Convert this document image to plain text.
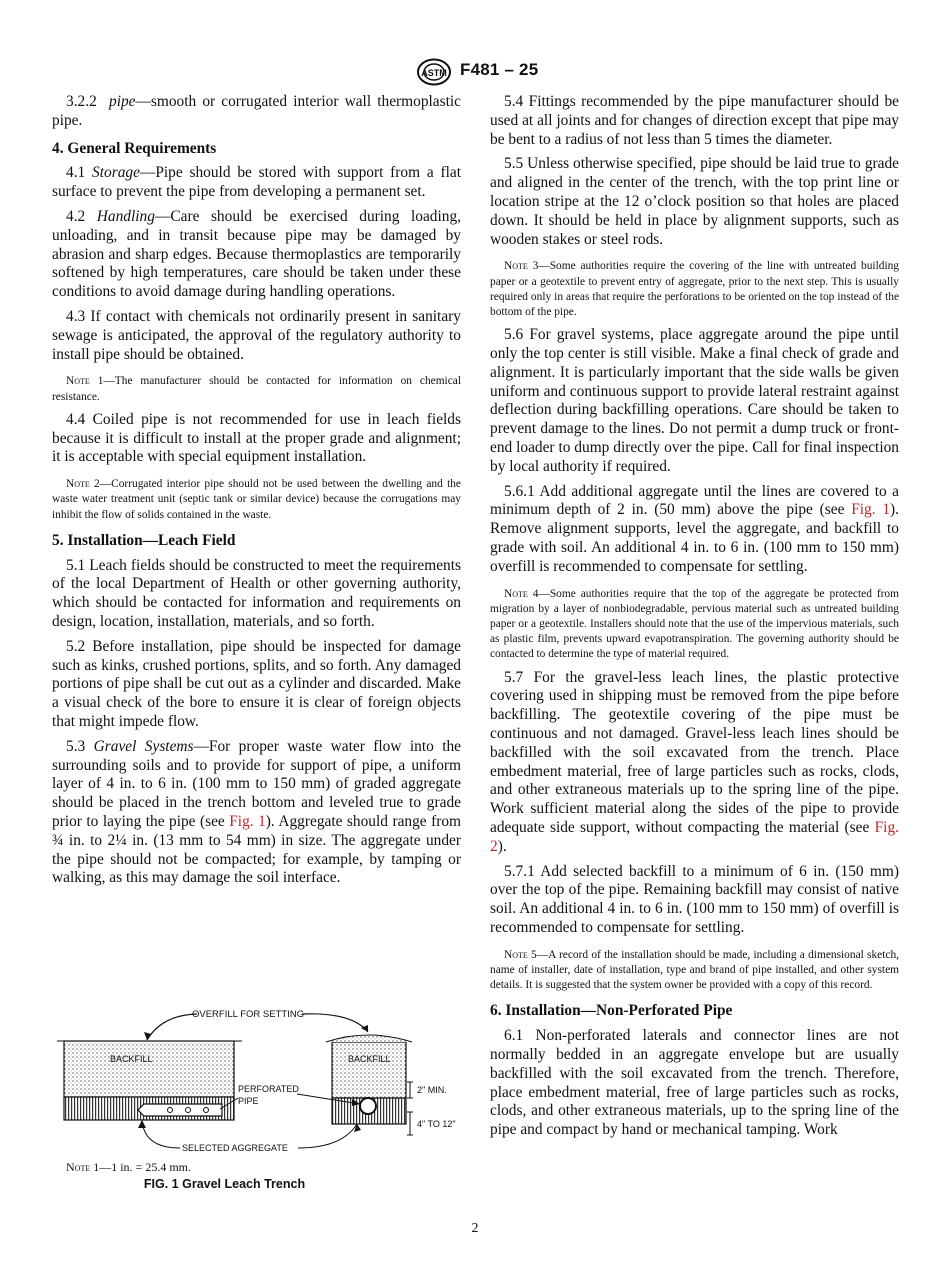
ASTM F481 – 25

3.2.2 pipe—smooth or corrugated interior wall thermoplastic pipe.

4. General Requirements

4.1 Storage—Pipe should be stored with support from a flat surface to prevent the pipe from developing a permanent set.

4.2 Handling—Care should be exercised during loading, unloading, and in transit because pipe may be damaged by abrasion and sharp edges. Because thermoplastics are temporarily softened by high temperatures, care should be taken under these conditions to avoid damage during handling operations.

4.3 If contact with chemicals not ordinarily present in sanitary sewage is anticipated, the approval of the regulatory authority to install pipe should be obtained.

Note 1—The manufacturer should be contacted for information on chemical resistance.

4.4 Coiled pipe is not recommended for use in leach fields because it is difficult to install at the proper grade and alignment; it is acceptable with special equipment installation.

Note 2—Corrugated interior pipe should not be used between the dwelling and the waste water treatment unit (septic tank or similar device) because the corrugations may inhibit the flow of solids contained in the waste.
5. Installation—Leach Field

5.1 Leach fields should be constructed to meet the requirements of the local Department of Health or other governing authority, which should be contacted for information and requirements on design, location, installation, materials, and so forth.

5.2 Before installation, pipe should be inspected for damage such as kinks, crushed portions, splits, and so forth. Any damaged portions of pipe shall be cut out as a cylinder and discarded. Make a visual check of the bore to ensure it is clear of foreign objects that might impede flow.

5.3 Gravel Systems—For proper waste water flow into the surrounding soils and to provide for support of pipe, a uniform layer of 4 in. to 6 in. (100 mm to 150 mm) of graded aggregate should be placed in the trench bottom and leveled true to grade prior to laying the pipe (see Fig. 1). Aggregate should range from ¾ in. to 2¼ in. (13 mm to 54 mm) in size. The aggregate under the pipe should not be compacted; for example, by tamping or walking, as this may damage the soil interface.

OVERFILL FOR SETTING
BACKFILL	BACKFILL
PERFORATED
PIPE
SELECTED AGGREGATE
2" MIN.
4" TO 12"
Note 1—1 in. = 25.4 mm.
FIG. 1 Gravel Leach Trench

5.4 Fittings recommended by the pipe manufacturer should be used at all joints and for changes of direction except that pipe may be bent to a radius of not less than 5 times the diameter.

5.5 Unless otherwise specified, pipe should be laid true to grade and aligned in the center of the trench, with the top print line or location stripe at the 12 o’clock position so that holes are placed down. It should be held in place by alignment supports, such as wooden stakes or steel rods.

Note 3—Some authorities require the covering of the line with untreated building paper or a geotextile to prevent entry of aggregate, prior to the next step. This is usually required only in areas that require the perforations to be oriented on the top instead of the bottom of the pipe.

5.6 For gravel systems, place aggregate around the pipe until only the top center is still visible. Make a final check of grade and alignment. It is particularly important that the side walls be given uniform and continuous support to provide lateral restraint against deflection during backfilling operations. Care should be taken to prevent damage to the lines. Do not permit a dump truck or front-end loader to dump directly over the pipe. Call for final inspection by local authority if required.

5.6.1 Add additional aggregate until the lines are covered to a minimum depth of 2 in. (50 mm) above the pipe (see Fig. 1). Remove alignment supports, level the aggregate, and backfill to grade with soil. An additional 4 in. to 6 in. (100 mm to 150 mm) overfill is recommended to compensate for settling.

Note 4—Some authorities require that the top of the aggregate be protected from migration by a layer of nonbiodegradable, pervious material such as untreated building paper or a geotextile. Installers should note that the use of the impervious materials, such as plastic film, prevents upward evapotranspiration. The governing authority should be contacted to determine the type of material required.

5.7 For the gravel-less leach lines, the plastic protective covering used in shipping must be removed from the pipe before backfilling. The geotextile covering of the pipe must be continuous and not damaged. Gravel-less leach lines should be backfilled with the soil excavated from the trench. Place embedment material, free of large particles such as rocks, clods, and other extraneous materials up to the spring line of the pipe. Work sufficient material along the sides of the pipe to provide adequate side support, without compacting the material (see Fig. 2).

5.7.1 Add selected backfill to a minimum of 6 in. (150 mm) over the top of the pipe. Remaining backfill may consist of native soil. An additional 4 in. to 6 in. (100 mm to 150 mm) of overfill is recommended to compensate for settling.

Note 5—A record of the installation should be made, including a dimensional sketch, name of installer, date of installation, type and brand of pipe installed, and other system details. It is suggested that the system owner be provided with a copy of this record.
6. Installation—Non-Perforated Pipe

6.1 Non-perforated laterals and connector lines are not normally bedded in an aggregate envelope but are usually backfilled with the soil excavated from the trench. Therefore, place embedment material, free of large particles such as rocks, clods, and other extraneous materials, up to the spring line of the pipe and compact by hand or mechanical tamping. Work

2
